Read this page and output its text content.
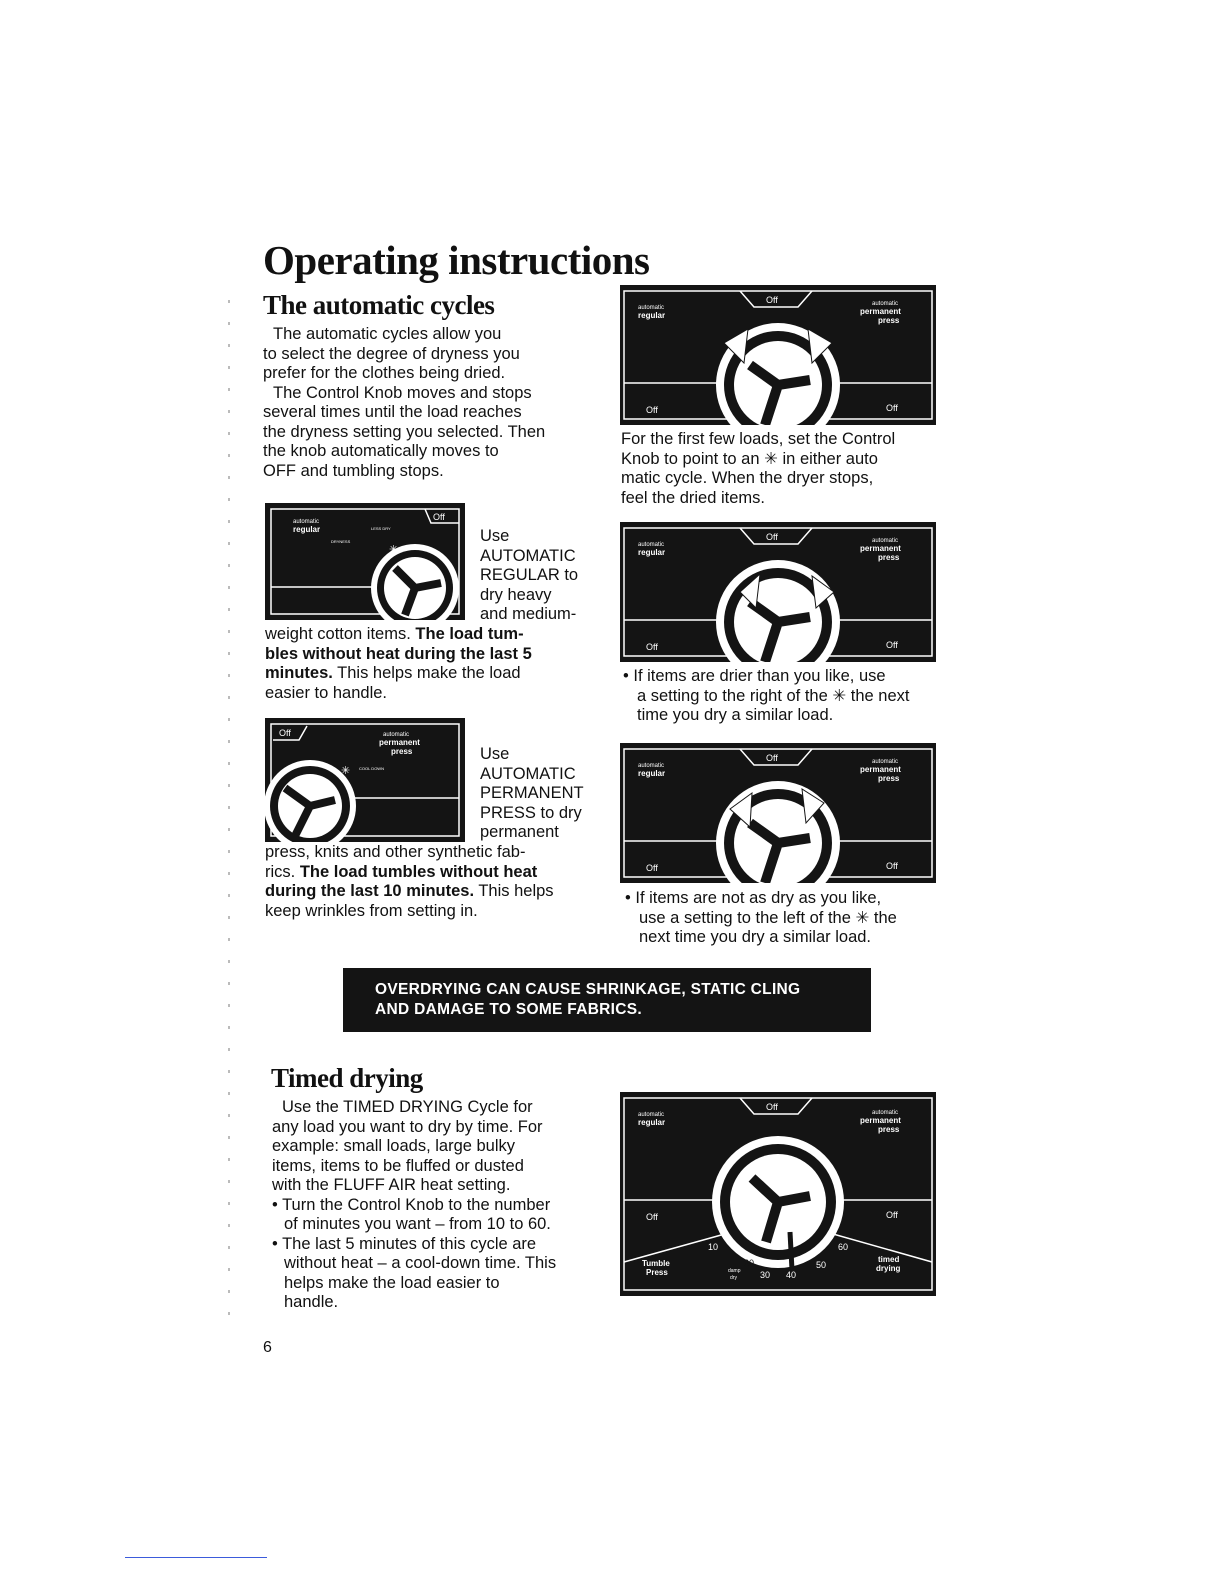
Operating instructions
The automatic cycles

The automatic cycles allow you

to select the degree of dryness you

prefer for the clothes being dried.

The Control Knob moves and stops

several times until the load reaches

the dryness setting you selected. Then

the knob automatically moves to

OFF and tumbling stops.

Off
automatic
regular	LESS DRY
DRYNESS
✳

Use

AUTOMATIC

REGULAR to

dry heavy

and medium-

weight cotton items. The load tum-

bles without heat during the last 5

minutes. This helps make the load

easier to handle.

Off	automatic
permanent
press
COOL DOWN
✳

Use

AUTOMATIC

PERMANENT

PRESS to dry

permanent

press, knits and other synthetic fab-

rics. The load tumbles without heat

during the last 10 minutes. This helps

keep wrinkles from setting in.

Off
automatic
regular
automatic
permanent
press
Off	Off

For the first few loads, set the Control

Knob to point to an ✳ in either auto

matic cycle. When the dryer stops,

feel the dried items.

Off
automatic
regular
automatic
permanent
press
Off	Off

• If items are drier than you like, use

a setting to the right of the ✳ the next

time you dry a similar load.

Off
automatic
regular
automatic
permanent
press
Off	Off

• If items are not as dry as you like,

use a setting to the left of the ✳ the

next time you dry a similar load.

OVERDRYING CAN CAUSE SHRINKAGE, STATIC CLING
AND DAMAGE TO SOME FABRICS.
Timed drying

Use the TIMED DRYING Cycle for

any load you want to dry by time. For

example: small loads, large bulky

items, items to be fluffed or dusted

with the FLUFF AIR heat setting.

• Turn the Control Knob to the number

of minutes you want – from 10 to 60.

• The last 5 minutes of this cycle are

without heat – a cool-down time. This

helps make the load easier to

handle.

Off
automatic
regular
automatic
permanent
press
Off	Off
Tumble
Press
timed
drying
10
20
30 40
50
60
damp
dry
6
